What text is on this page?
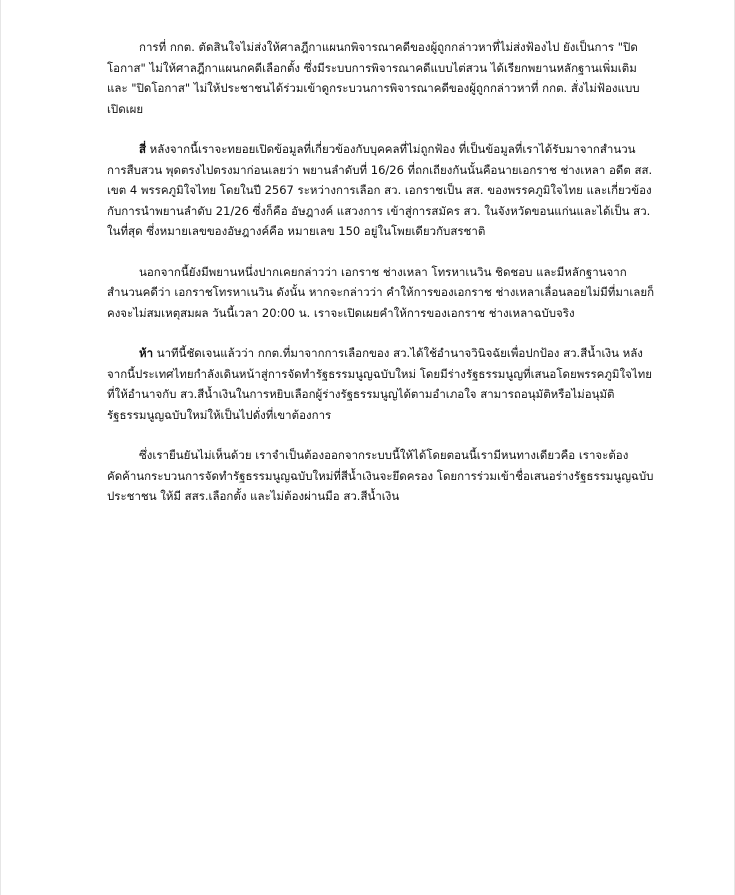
การที่ กกต. ตัดสินใจไม่ส่งให้ศาลฎีกาแผนกพิจารณาคดีของผู้ถูกกล่าวหาที่ไม่ส่งฟ้องไป ยังเป็นการ "ปิดโอกาส" ไม่ให้ศาลฎีกาแผนกคดีเลือกตั้ง ซึ่งมีระบบการพิจารณาคดีแบบไต่สวน ได้เรียกพยานหลักฐานเพิ่มเติม และ "ปิดโอกาส" ไม่ให้ประชาชนได้ร่วมเข้าดูกระบวนการพิจารณาคดีของผู้ถูกกล่าวหาที่ กกต. สั่งไม่ฟ้องแบบเปิดเผย

สี่ หลังจากนี้เราจะทยอยเปิดข้อมูลที่เกี่ยวข้องกับบุคคลที่ไม่ถูกฟ้อง ที่เป็นข้อมูลที่เราได้รับมาจากสำนวนการสืบสวน พุดตรงไปตรงมาก่อนเลยว่า พยานลำดับที่ 16/26 ที่ถกเถียงกันนั้นคือนายเอกราช ช่างเหลา อดีต สส. เขต 4 พรรคภูมิใจไทย โดยในปี 2567 ระหว่างการเลือก สว. เอกราชเป็น สส. ของพรรคภูมิใจไทย และเกี่ยวข้องกับการนำพยานลำดับ 21/26 ซึ่งก็คือ อัษฎางค์ แสวงการ เข้าสู่การสมัคร สว. ในจังหวัดขอนแก่นและได้เป็น สว. ในที่สุด ซึ่งหมายเลขของอัษฎางค์คือ หมายเลข 150 อยู่ในโพยเดียวกับสรชาติ

นอกจากนี้ยังมีพยานหนึ่งปากเคยกล่าวว่า เอกราช ช่างเหลา โทรหาเนวิน ชิดชอบ และมีหลักฐานจากสำนวนคดีว่า เอกราชโทรหาเนวิน ดังนั้น หากจะกล่าวว่า คำให้การของเอกราช ช่างเหลาเลื่อนลอยไม่มีที่มาเลยก็คงจะไม่สมเหตุสมผล วันนี้เวลา 20:00 น. เราจะเปิดเผยคำให้การของเอกราช ช่างเหลาฉบับจริง

ห้า นาทีนี้ชัดเจนแล้วว่า กกต.ที่มาจากการเลือกของ สว.ได้ใช้อำนาจวินิจฉัยเพื่อปกป้อง สว.สีน้ำเงิน หลังจากนี้ประเทศไทยกำลังเดินหน้าสู่การจัดทำรัฐธรรมนูญฉบับใหม่ โดยมีร่างรัฐธรรมนูญที่เสนอโดยพรรคภูมิใจไทยที่ให้อำนาจกับ สว.สีน้ำเงินในการหยิบเลือกผู้ร่างรัฐธรรมนูญได้ตามอำเภอใจ สามารถอนุมัติหรือไม่อนุมัติรัฐธรรมนูญฉบับใหม่ให้เป็นไปดั่งที่เขาต้องการ

ซึ่งเรายืนยันไม่เห็นด้วย เราจำเป็นต้องออกจากระบบนี้ให้ได้โดยตอนนี้เรามีหนทางเดียวคือ เราจะต้องคัดค้านกระบวนการจัดทำรัฐธรรมนูญฉบับใหม่ที่สีน้ำเงินจะยึดครอง โดยการร่วมเข้าชื่อเสนอร่างรัฐธรรมนูญฉบับประชาชน ให้มี สสร.เลือกตั้ง และไม่ต้องผ่านมือ สว.สีน้ำเงิน
